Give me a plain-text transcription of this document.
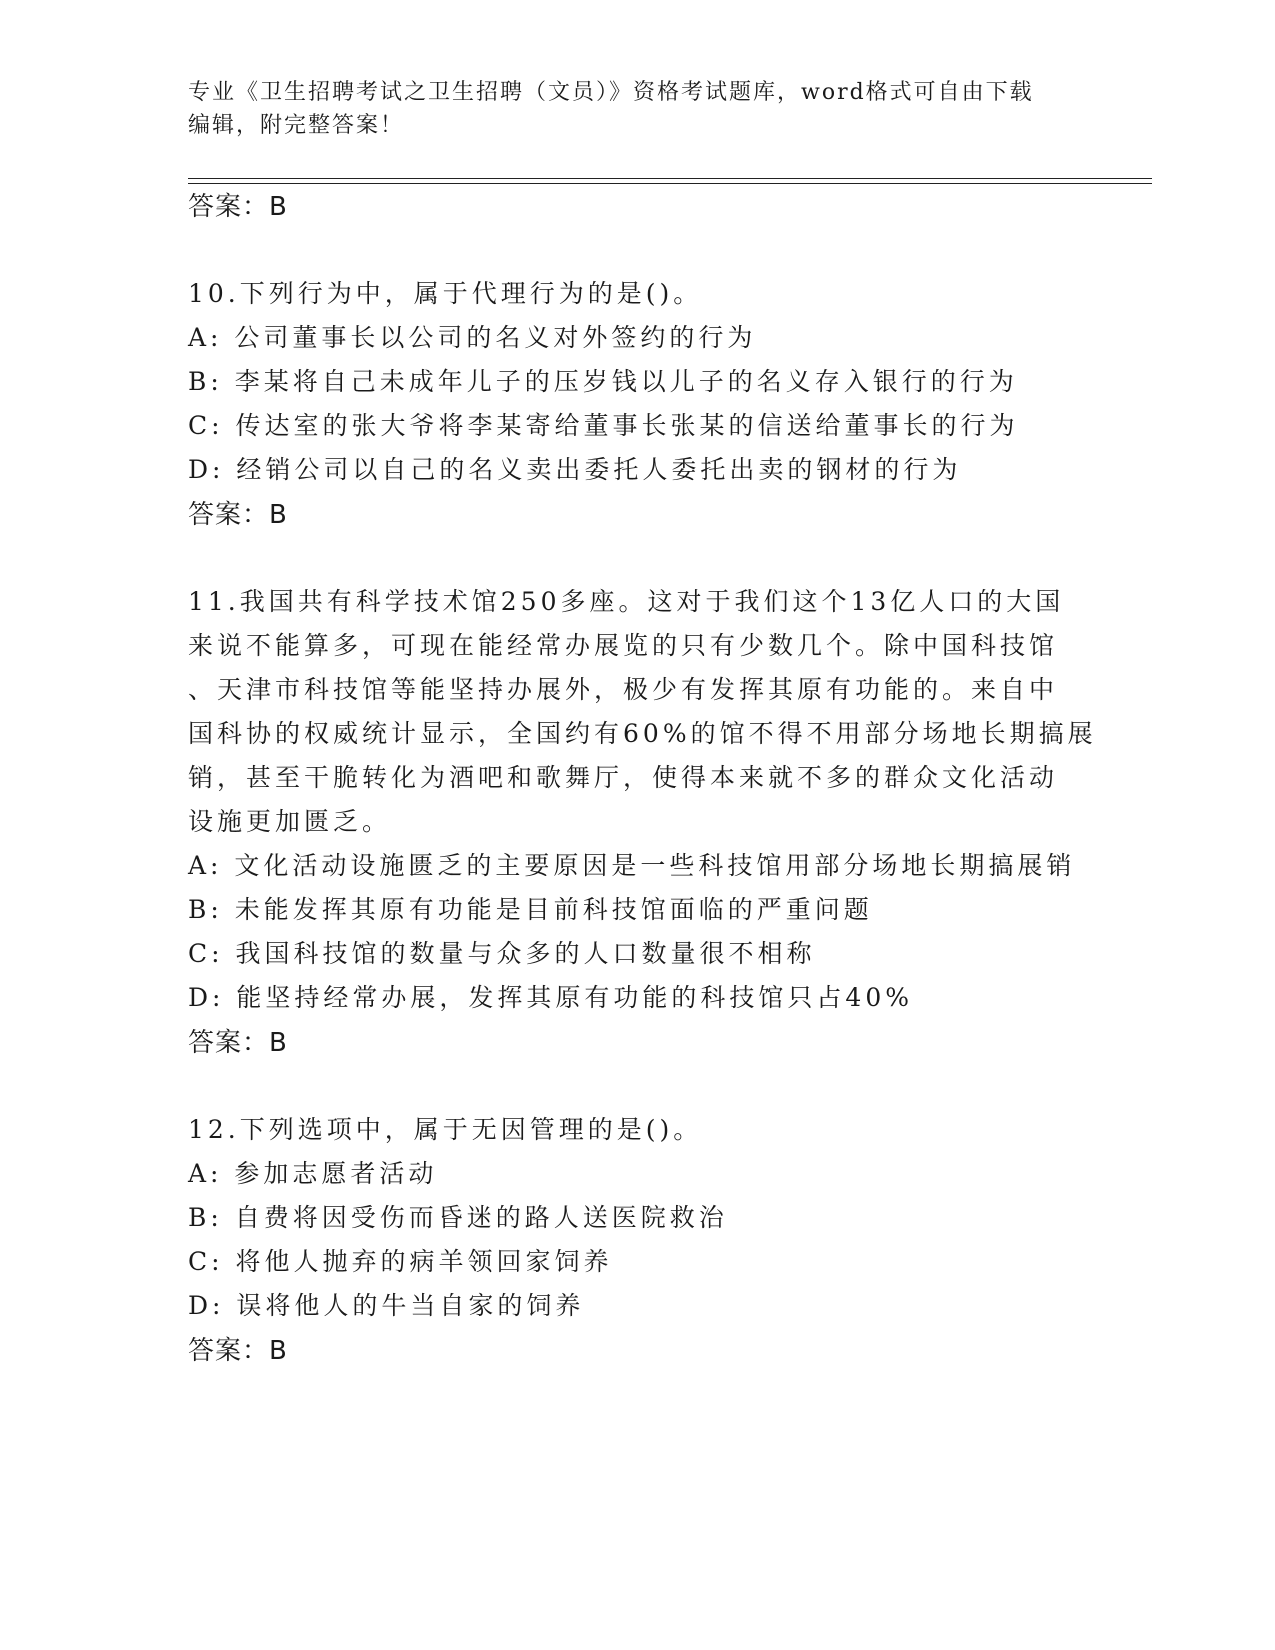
专业《卫生招聘考试之卫生招聘（文员）》资格考试题库，word格式可自由下载
编辑，附完整答案！
答案：B
10.下列行为中，属于代理行为的是()。
A: 公司董事长以公司的名义对外签约的行为
B: 李某将自己未成年儿子的压岁钱以儿子的名义存入银行的行为
C: 传达室的张大爷将李某寄给董事长张某的信送给董事长的行为
D: 经销公司以自己的名义卖出委托人委托出卖的钢材的行为
答案：B
11.我国共有科学技术馆250多座。这对于我们这个13亿人口的大国
来说不能算多，可现在能经常办展览的只有少数几个。除中国科技馆
、天津市科技馆等能坚持办展外，极少有发挥其原有功能的。来自中
国科协的权威统计显示，全国约有60%的馆不得不用部分场地长期搞展
销，甚至干脆转化为酒吧和歌舞厅，使得本来就不多的群众文化活动
设施更加匮乏。
A: 文化活动设施匮乏的主要原因是一些科技馆用部分场地长期搞展销
B: 未能发挥其原有功能是目前科技馆面临的严重问题
C: 我国科技馆的数量与众多的人口数量很不相称
D: 能坚持经常办展，发挥其原有功能的科技馆只占40%
答案：B
12.下列选项中，属于无因管理的是()。
A: 参加志愿者活动
B: 自费将因受伤而昏迷的路人送医院救治
C: 将他人抛弃的病羊领回家饲养
D: 误将他人的牛当自家的饲养
答案：B
